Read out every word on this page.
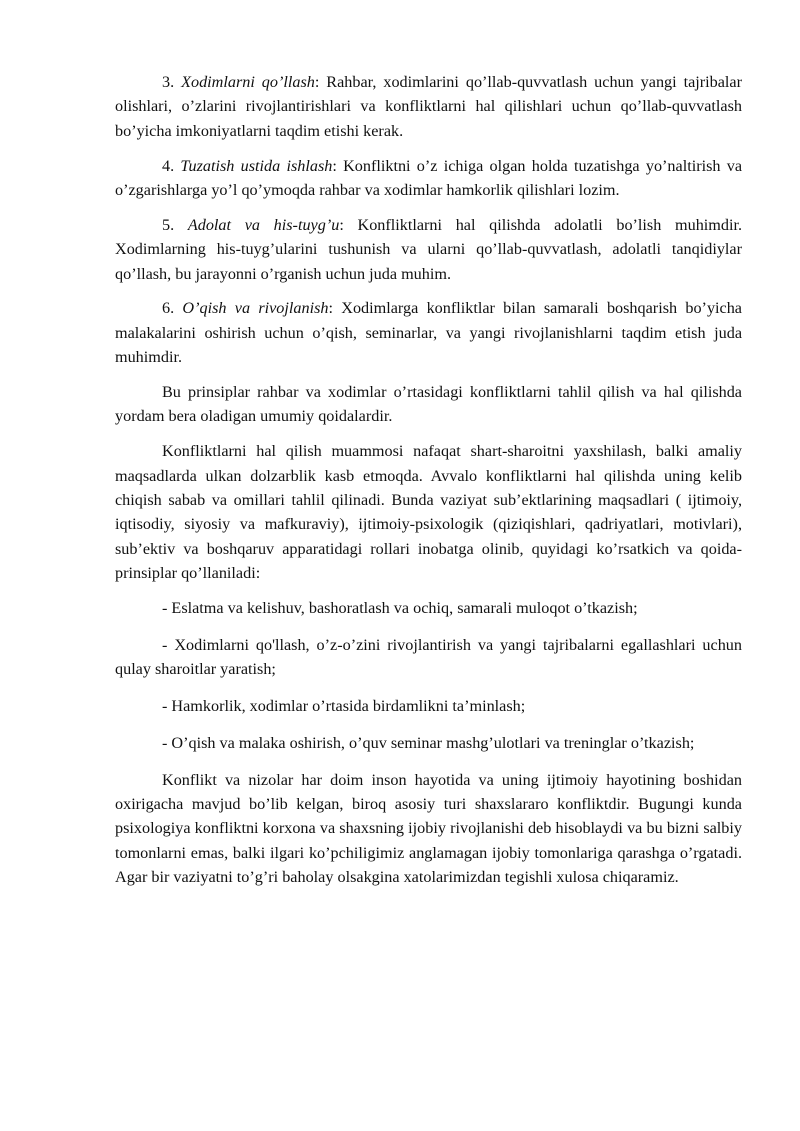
3. Xodimlarni qo’llash: Rahbar, xodimlarini qo’llab-quvvatlash uchun yangi tajribalar olishlari, o’zlarini rivojlantirishlari va konfliktlarni hal qilishlari uchun qo’llab-quvvatlash bo’yicha imkoniyatlarni taqdim etishi kerak.

4. Tuzatish ustida ishlash: Konfliktni o’z ichiga olgan holda tuzatishga yo’naltirish va o’zgarishlarga yo’l qo’ymoqda rahbar va xodimlar hamkorlik qilishlari lozim.

5. Adolat va his-tuyg’u: Konfliktlarni hal qilishda adolatli bo’lish muhimdir. Xodimlarning his-tuyg’ularini tushunish va ularni qo’llab-quvvatlash, adolatli tanqidiylar qo’llash, bu jarayonni o’rganish uchun juda muhim.

6. O’qish va rivojlanish: Xodimlarga konfliktlar bilan samarali boshqarish bo’yicha malakalarini oshirish uchun o’qish, seminarlar, va yangi rivojlanishlarni taqdim etish juda muhimdir.

Bu prinsiplar rahbar va xodimlar o’rtasidagi konfliktlarni tahlil qilish va hal qilishda yordam bera oladigan umumiy qoidalardir.

Konfliktlarni hal qilish muammosi nafaqat shart-sharoitni yaxshilash, balki amaliy maqsadlarda ulkan dolzarblik kasb etmoqda. Avvalo konfliktlarni hal qilishda uning kelib chiqish sabab va omillari tahlil qilinadi. Bunda vaziyat sub’ektlarining maqsadlari ( ijtimoiy, iqtisodiy, siyosiy va mafkuraviy), ijtimoiy-psixologik (qiziqishlari, qadriyatlari, motivlari), sub’ektiv va boshqaruv apparatidagi rollari inobatga olinib, quyidagi ko’rsatkich va qoida-prinsiplar qo’llaniladi:

- Eslatma va kelishuv, bashoratlash va ochiq, samarali muloqot o’tkazish;

- Xodimlarni qo'llash, o’z-o’zini rivojlantirish va yangi tajribalarni egallashlari uchun qulay sharoitlar yaratish;

- Hamkorlik, xodimlar o’rtasida birdamlikni ta’minlash;

- O’qish va malaka oshirish, o’quv seminar mashg’ulotlari va treninglar o’tkazish;

Konflikt va nizolar har doim inson hayotida va uning ijtimoiy hayotining boshidan oxirigacha mavjud bo’lib kelgan, biroq asosiy turi shaxslararo konfliktdir. Bugungi kunda psixologiya konfliktni korxona va shaxsning ijobiy rivojlanishi deb hisoblaydi va bu bizni salbiy tomonlarni emas, balki ilgari ko’pchiligimiz anglamagan ijobiy tomonlariga qarashga o’rgatadi. Agar bir vaziyatni to’g’ri baholay olsakgina xatolarimizdan tegishli xulosa chiqaramiz.
